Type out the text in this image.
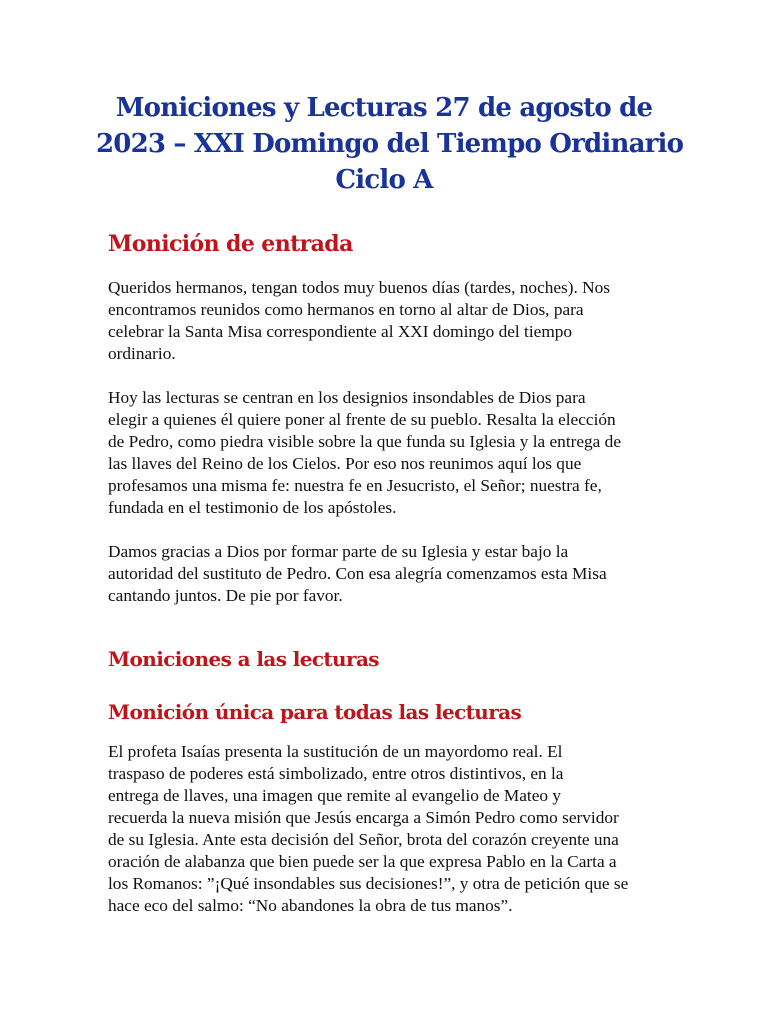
Moniciones y Lecturas 27 de agosto de
2023 – XXI Domingo del Tiempo Ordinario
Ciclo A
Monición de entrada

Queridos hermanos, tengan todos muy buenos días (tardes, noches). Nos
encontramos reunidos como hermanos en torno al altar de Dios, para
celebrar la Santa Misa correspondiente al XXI domingo del tiempo
ordinario.

Hoy las lecturas se centran en los designios insondables de Dios para
elegir a quienes él quiere poner al frente de su pueblo. Resalta la elección
de Pedro, como piedra visible sobre la que funda su Iglesia y la entrega de
las llaves del Reino de los Cielos. Por eso nos reunimos aquí los que
profesamos una misma fe: nuestra fe en Jesucristo, el Señor; nuestra fe,
fundada en el testimonio de los apóstoles.

Damos gracias a Dios por formar parte de su Iglesia y estar bajo la
autoridad del sustituto de Pedro. Con esa alegría comenzamos esta Misa
cantando juntos. De pie por favor.

Moniciones a las lecturas
Monición única para todas las lecturas

El profeta Isaías presenta la sustitución de un mayordomo real. El
traspaso de poderes está simbolizado, entre otros distintivos, en la
entrega de llaves, una imagen que remite al evangelio de Mateo y
recuerda la nueva misión que Jesús encarga a Simón Pedro como servidor
de su Iglesia. Ante esta decisión del Señor, brota del corazón creyente una
oración de alabanza que bien puede ser la que expresa Pablo en la Carta a
los Romanos: ”¡Qué insondables sus decisiones!”, y otra de petición que se
hace eco del salmo: “No abandones la obra de tus manos”.
